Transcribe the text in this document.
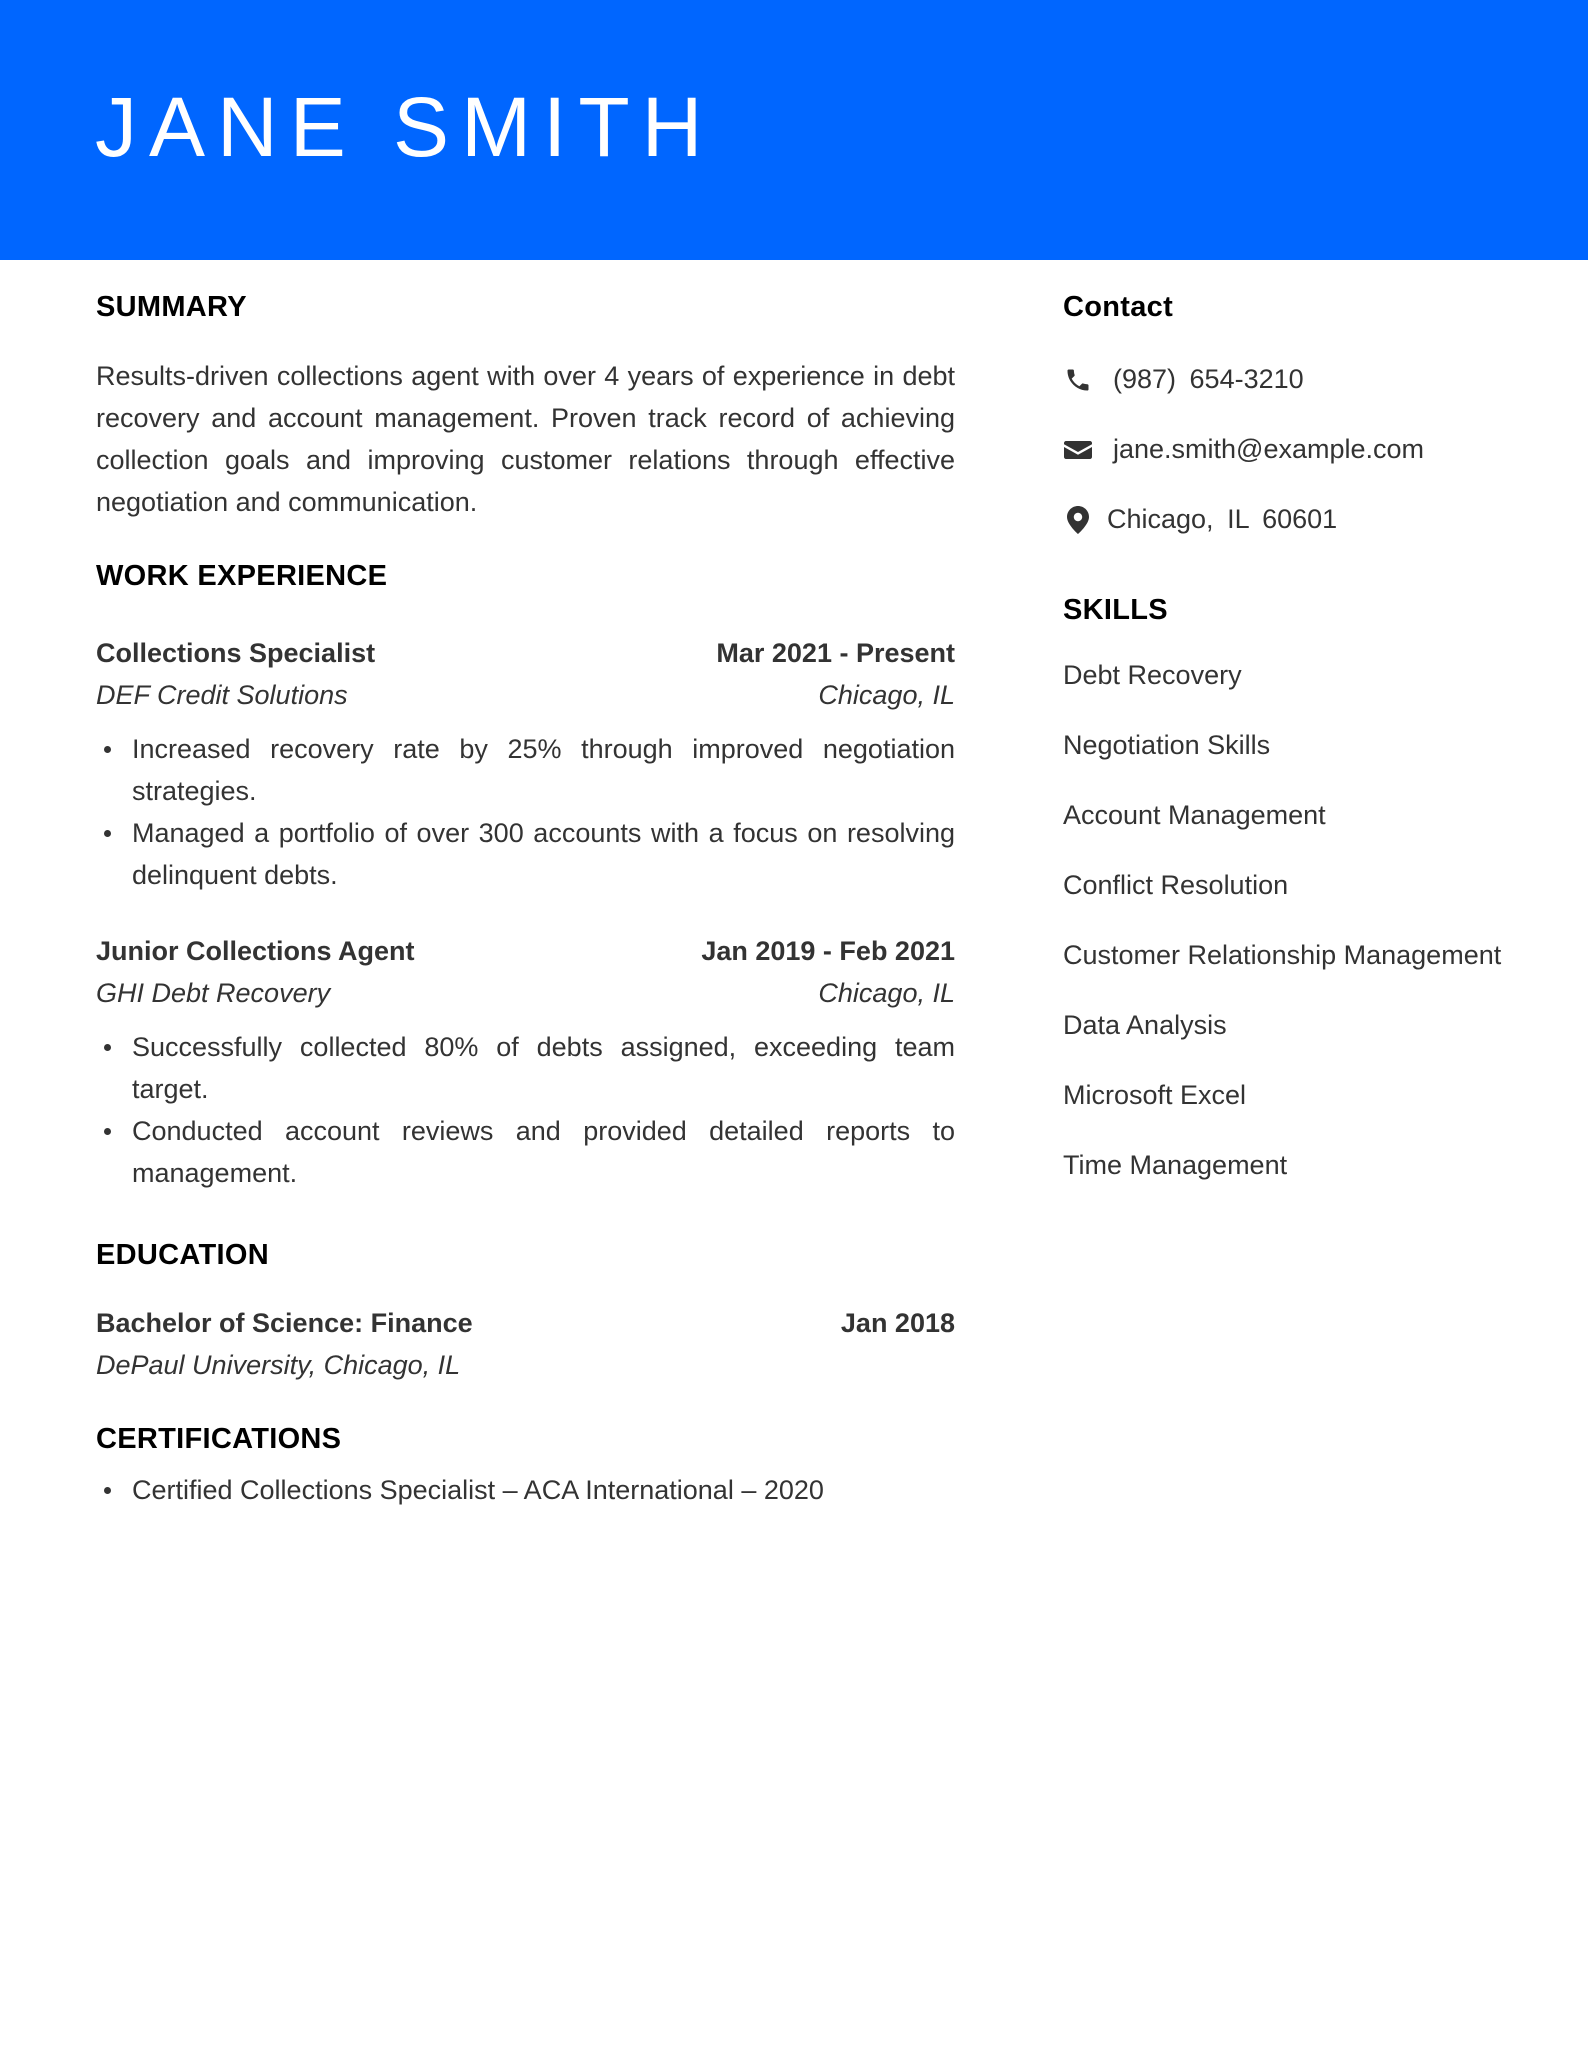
JANE SMITH
SUMMARY

Results-driven collections agent with over 4 years of experience in debt recovery and account management. Proven track record of achieving collection goals and improving customer relations through effective negotiation and communication.

WORK EXPERIENCE
Collections Specialist	Mar 2021 - Present
DEF Credit Solutions	Chicago, IL
Increased recovery rate by 25% through improved negotiation strategies.
Managed a portfolio of over 300 accounts with a focus on resolving delinquent debts.
Junior Collections Agent	Jan 2019 - Feb 2021
GHI Debt Recovery	Chicago, IL
Successfully collected 80% of debts assigned, exceeding team target.
Conducted account reviews and provided detailed reports to management.
EDUCATION
Bachelor of Science: Finance	Jan 2018
DePaul University, Chicago, IL
CERTIFICATIONS
Certified Collections Specialist – ACA International – 2020
Contact
(987) 654-3210
jane.smith@example.com
Chicago, IL 60601
SKILLS
Debt Recovery
Negotiation Skills
Account Management
Conflict Resolution
Customer Relationship Management
Data Analysis
Microsoft Excel
Time Management
